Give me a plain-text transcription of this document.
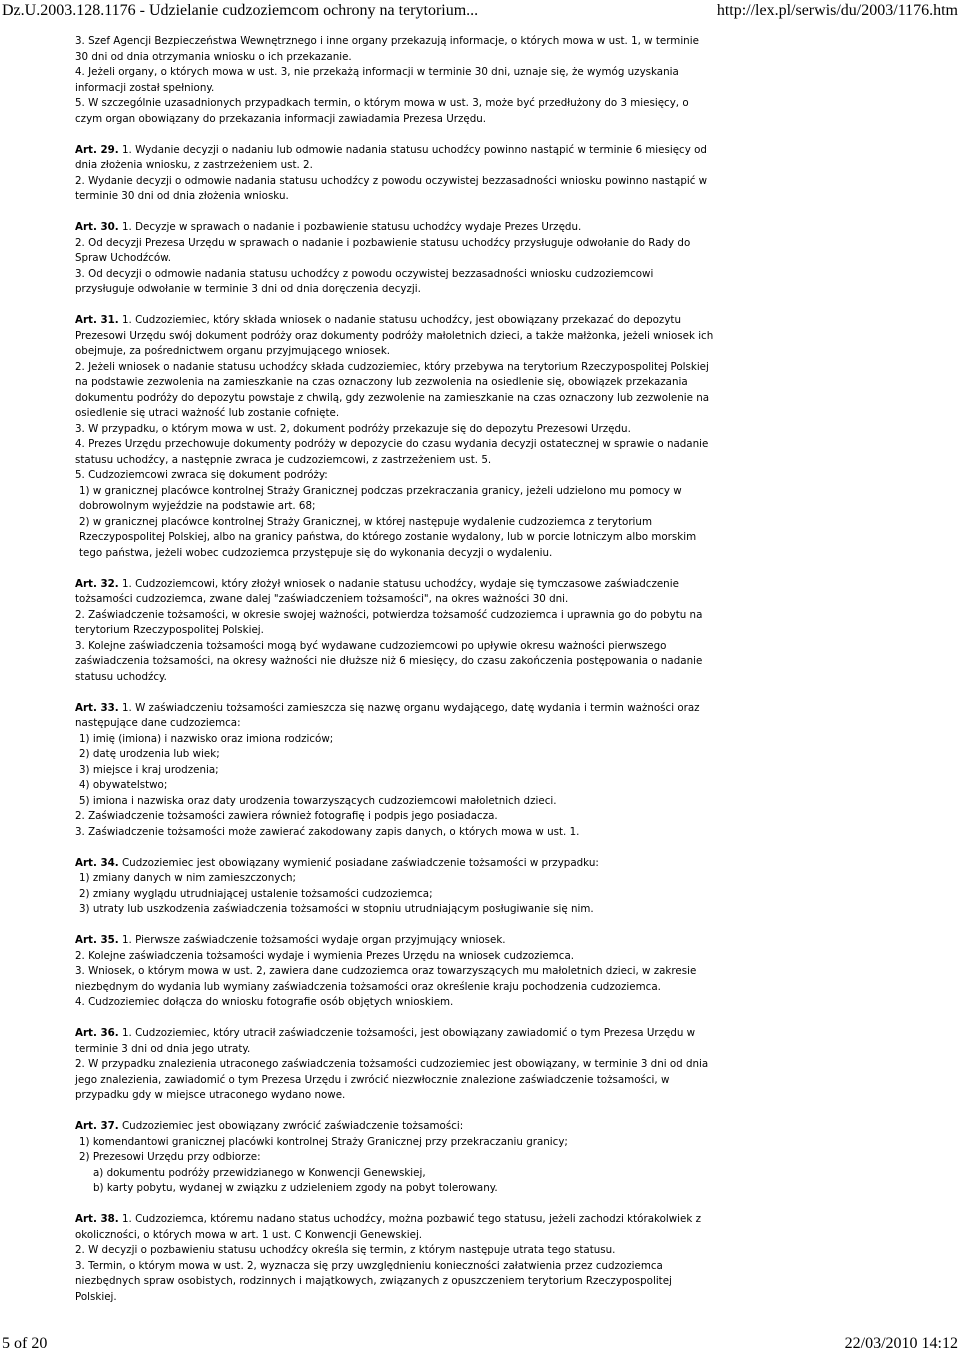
Dz.U.2003.128.1176 - Udzielanie cudzoziemcom ochrony na terytorium...	http://lex.pl/serwis/du/2003/1176.htm

3. Szef Agencji Bezpieczeństwa Wewnętrznego i inne organy przekazują informacje, o których mowa w ust. 1, w terminie 30 dni od dnia otrzymania wniosku o ich przekazanie.

4. Jeżeli organy, o których mowa w ust. 3, nie przekażą informacji w terminie 30 dni, uznaje się, że wymóg uzyskania informacji został spełniony.

5. W szczególnie uzasadnionych przypadkach termin, o którym mowa w ust. 3, może być przedłużony do 3 miesięcy, o czym organ obowiązany do przekazania informacji zawiadamia Prezesa Urzędu.

Art. 29. 1. Wydanie decyzji o nadaniu lub odmowie nadania statusu uchodźcy powinno nastąpić w terminie 6 miesięcy od dnia złożenia wniosku, z zastrzeżeniem ust. 2.

2. Wydanie decyzji o odmowie nadania statusu uchodźcy z powodu oczywistej bezzasadności wniosku powinno nastąpić w terminie 30 dni od dnia złożenia wniosku.

Art. 30. 1. Decyzje w sprawach o nadanie i pozbawienie statusu uchodźcy wydaje Prezes Urzędu.

2. Od decyzji Prezesa Urzędu w sprawach o nadanie i pozbawienie statusu uchodźcy przysługuje odwołanie do Rady do Spraw Uchodźców.

3. Od decyzji o odmowie nadania statusu uchodźcy z powodu oczywistej bezzasadności wniosku cudzoziemcowi przysługuje odwołanie w terminie 3 dni od dnia doręczenia decyzji.

Art. 31. 1. Cudzoziemiec, który składa wniosek o nadanie statusu uchodźcy, jest obowiązany przekazać do depozytu Prezesowi Urzędu swój dokument podróży oraz dokumenty podróży małoletnich dzieci, a także małżonka, jeżeli wniosek ich obejmuje, za pośrednictwem organu przyjmującego wniosek.

2. Jeżeli wniosek o nadanie statusu uchodźcy składa cudzoziemiec, który przebywa na terytorium Rzeczypospolitej Polskiej na podstawie zezwolenia na zamieszkanie na czas oznaczony lub zezwolenia na osiedlenie się, obowiązek przekazania dokumentu podróży do depozytu powstaje z chwilą, gdy zezwolenie na zamieszkanie na czas oznaczony lub zezwolenie na osiedlenie się utraci ważność lub zostanie cofnięte.

3. W przypadku, o którym mowa w ust. 2, dokument podróży przekazuje się do depozytu Prezesowi Urzędu.

4. Prezes Urzędu przechowuje dokumenty podróży w depozycie do czasu wydania decyzji ostatecznej w sprawie o nadanie statusu uchodźcy, a następnie zwraca je cudzoziemcowi, z zastrzeżeniem ust. 5.

5. Cudzoziemcowi zwraca się dokument podróży:

1) w granicznej placówce kontrolnej Straży Granicznej podczas przekraczania granicy, jeżeli udzielono mu pomocy w dobrowolnym wyjeździe na podstawie art. 68;

2) w granicznej placówce kontrolnej Straży Granicznej, w której następuje wydalenie cudzoziemca z terytorium Rzeczypospolitej Polskiej, albo na granicy państwa, do którego zostanie wydalony, lub w porcie lotniczym albo morskim tego państwa, jeżeli wobec cudzoziemca przystępuje się do wykonania decyzji o wydaleniu.

Art. 32. 1. Cudzoziemcowi, który złożył wniosek o nadanie statusu uchodźcy, wydaje się tymczasowe zaświadczenie tożsamości cudzoziemca, zwane dalej "zaświadczeniem tożsamości", na okres ważności 30 dni.

2. Zaświadczenie tożsamości, w okresie swojej ważności, potwierdza tożsamość cudzoziemca i uprawnia go do pobytu na terytorium Rzeczypospolitej Polskiej.

3. Kolejne zaświadczenia tożsamości mogą być wydawane cudzoziemcowi po upływie okresu ważności pierwszego zaświadczenia tożsamości, na okresy ważności nie dłuższe niż 6 miesięcy, do czasu zakończenia postępowania o nadanie statusu uchodźcy.

Art. 33. 1. W zaświadczeniu tożsamości zamieszcza się nazwę organu wydającego, datę wydania i termin ważności oraz następujące dane cudzoziemca:

1) imię (imiona) i nazwisko oraz imiona rodziców;

2) datę urodzenia lub wiek;

3) miejsce i kraj urodzenia;

4) obywatelstwo;

5) imiona i nazwiska oraz daty urodzenia towarzyszących cudzoziemcowi małoletnich dzieci.

2. Zaświadczenie tożsamości zawiera również fotografię i podpis jego posiadacza.

3. Zaświadczenie tożsamości może zawierać zakodowany zapis danych, o których mowa w ust. 1.

Art. 34. Cudzoziemiec jest obowiązany wymienić posiadane zaświadczenie tożsamości w przypadku:

1) zmiany danych w nim zamieszczonych;

2) zmiany wyglądu utrudniającej ustalenie tożsamości cudzoziemca;

3) utraty lub uszkodzenia zaświadczenia tożsamości w stopniu utrudniającym posługiwanie się nim.

Art. 35. 1. Pierwsze zaświadczenie tożsamości wydaje organ przyjmujący wniosek.

2. Kolejne zaświadczenia tożsamości wydaje i wymienia Prezes Urzędu na wniosek cudzoziemca.

3. Wniosek, o którym mowa w ust. 2, zawiera dane cudzoziemca oraz towarzyszących mu małoletnich dzieci, w zakresie niezbędnym do wydania lub wymiany zaświadczenia tożsamości oraz określenie kraju pochodzenia cudzoziemca.

4. Cudzoziemiec dołącza do wniosku fotografie osób objętych wnioskiem.

Art. 36. 1. Cudzoziemiec, który utracił zaświadczenie tożsamości, jest obowiązany zawiadomić o tym Prezesa Urzędu w terminie 3 dni od dnia jego utraty.

2. W przypadku znalezienia utraconego zaświadczenia tożsamości cudzoziemiec jest obowiązany, w terminie 3 dni od dnia jego znalezienia, zawiadomić o tym Prezesa Urzędu i zwrócić niezwłocznie znalezione zaświadczenie tożsamości, w przypadku gdy w miejsce utraconego wydano nowe.

Art. 37. Cudzoziemiec jest obowiązany zwrócić zaświadczenie tożsamości:

1) komendantowi granicznej placówki kontrolnej Straży Granicznej przy przekraczaniu granicy;

2) Prezesowi Urzędu przy odbiorze:

a) dokumentu podróży przewidzianego w Konwencji Genewskiej,

b) karty pobytu, wydanej w związku z udzieleniem zgody na pobyt tolerowany.

Art. 38. 1. Cudzoziemca, któremu nadano status uchodźcy, można pozbawić tego statusu, jeżeli zachodzi którakolwiek z okoliczności, o których mowa w art. 1 ust. C Konwencji Genewskiej.

2. W decyzji o pozbawieniu statusu uchodźcy określa się termin, z którym następuje utrata tego statusu.

3. Termin, o którym mowa w ust. 2, wyznacza się przy uwzględnieniu konieczności załatwienia przez cudzoziemca niezbędnych spraw osobistych, rodzinnych i majątkowych, związanych z opuszczeniem terytorium Rzeczypospolitej Polskiej.

5 of 20	22/03/2010 14:12
